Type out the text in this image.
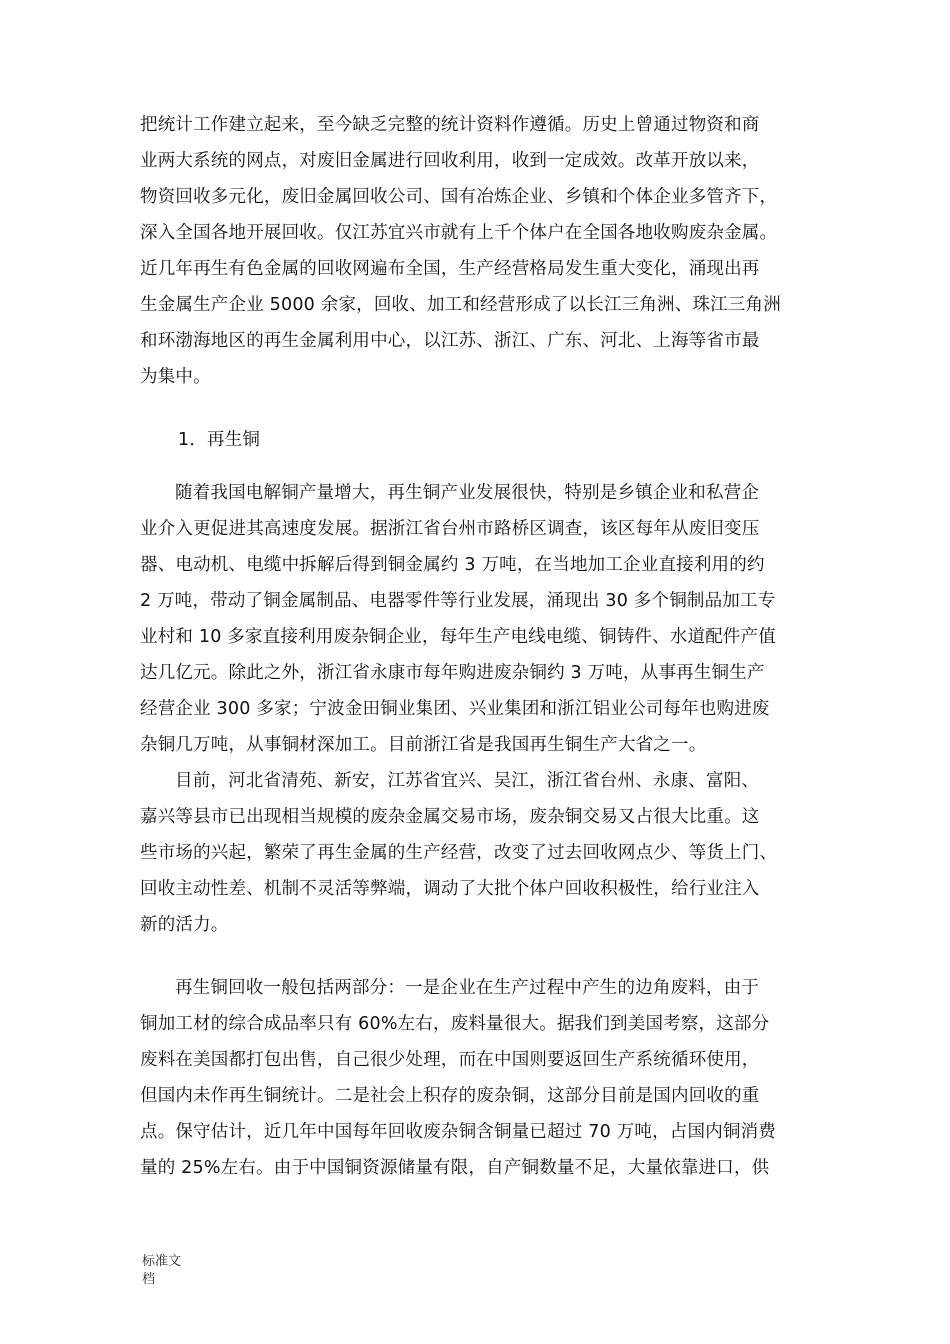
把统计工作建立起来，至今缺乏完整的统计资料作遵循。历史上曾通过物资和商
业两大系统的网点，对废旧金属进行回收利用，收到一定成效。改革开放以来，
物资回收多元化，废旧金属回收公司、国有冶炼企业、乡镇和个体企业多管齐下，
深入全国各地开展回收。仅江苏宜兴市就有上千个体户在全国各地收购废杂金属。
近几年再生有色金属的回收网遍布全国，生产经营格局发生重大变化，涌现出再
生金属生产企业 5000 余家，回收、加工和经营形成了以长江三角洲、珠江三角洲
和环渤海地区的再生金属利用中心，以江苏、浙江、广东、河北、上海等省市最
为集中。
1．再生铜
随着我国电解铜产量增大，再生铜产业发展很快，特别是乡镇企业和私营企
业介入更促进其高速度发展。据浙江省台州市路桥区调查，该区每年从废旧变压
器、电动机、电缆中拆解后得到铜金属约 3 万吨，在当地加工企业直接利用的约
2 万吨，带动了铜金属制品、电器零件等行业发展，涌现出 30 多个铜制品加工专
业村和 10 多家直接利用废杂铜企业，每年生产电线电缆、铜铸件、水道配件产值
达几亿元。除此之外，浙江省永康市每年购进废杂铜约 3 万吨，从事再生铜生产
经营企业 300 多家；宁波金田铜业集团、兴业集团和浙江铝业公司每年也购进废
杂铜几万吨，从事铜材深加工。目前浙江省是我国再生铜生产大省之一。
目前，河北省清苑、新安，江苏省宜兴、吴江，浙江省台州、永康、富阳、
嘉兴等县市已出现相当规模的废杂金属交易市场，废杂铜交易又占很大比重。这
些市场的兴起，繁荣了再生金属的生产经营，改变了过去回收网点少、等货上门、
回收主动性差、机制不灵活等弊端，调动了大批个体户回收积极性，给行业注入
新的活力。
再生铜回收一般包括两部分：一是企业在生产过程中产生的边角废料，由于
铜加工材的综合成品率只有 60%左右，废料量很大。据我们到美国考察，这部分
废料在美国都打包出售，自己很少处理，而在中国则要返回生产系统循环使用，
但国内未作再生铜统计。二是社会上积存的废杂铜，这部分目前是国内回收的重
点。保守估计，近几年中国每年回收废杂铜含铜量已超过 70 万吨，占国内铜消费
量的 25%左右。由于中国铜资源储量有限，自产铜数量不足，大量依靠进口，供
标准文档
